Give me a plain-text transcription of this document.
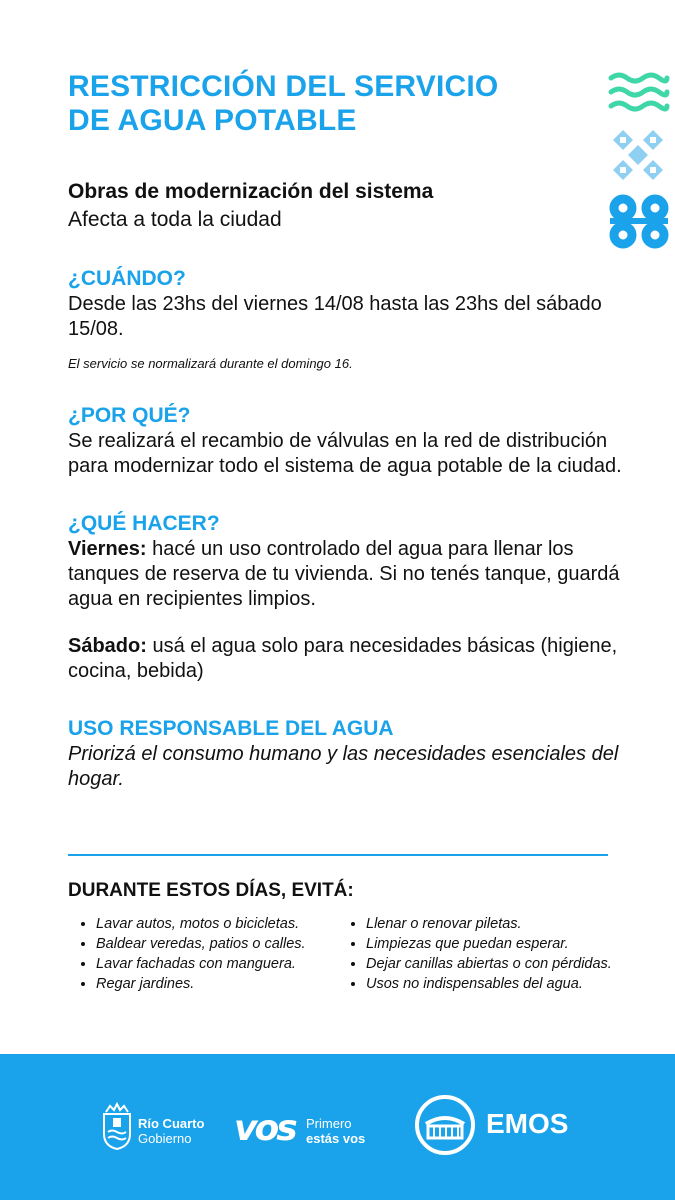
RESTRICCIÓN DEL SERVICIO
DE AGUA POTABLE
Obras de modernización del sistema
Afecta a toda la ciudad
¿CUÁNDO?
Desde las 23hs del viernes 14/08 hasta las 23hs del sábado 15/08.
El servicio se normalizará durante el domingo 16.
¿POR QUÉ?
Se realizará el recambio de válvulas en la red de distribución para modernizar todo el sistema de agua potable de la ciudad.
¿QUÉ HACER?
Viernes: hacé un uso controlado del agua para llenar los tanques de reserva de tu vivienda. Si no tenés tanque, guardá agua en recipientes limpios.
Sábado: usá el agua solo para necesidades básicas (higiene, cocina, bebida)
USO RESPONSABLE DEL AGUA
Priorizá el consumo humano y las necesidades esenciales del hogar.
DURANTE ESTOS DÍAS, EVITÁ:
• Lavar autos, motos o bicicletas.
• Baldear veredas, patios o calles.
• Lavar fachadas con manguera.
• Regar jardines.
• Llenar o renovar piletas.
• Limpiezas que puedan esperar.
• Dejar canillas abiertas o con pérdidas.
• Usos no indispensables del agua.
Río Cuarto
Gobierno	vos Primero
estás vos	EMOS
